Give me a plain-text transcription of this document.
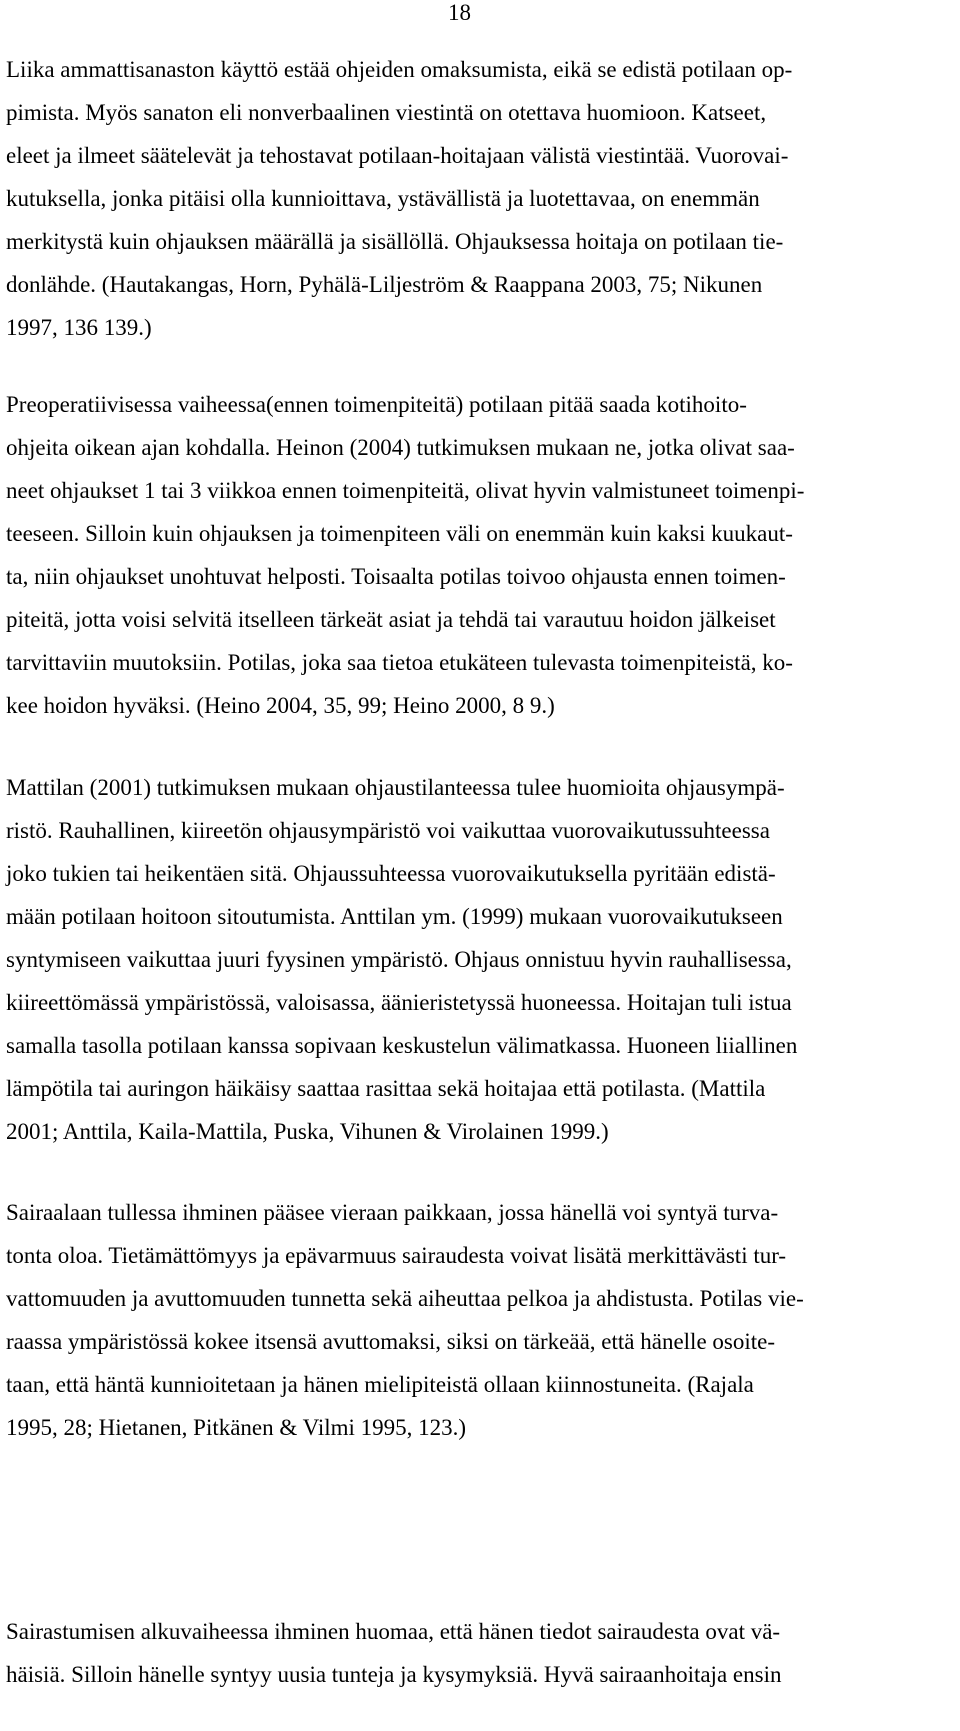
18
Liika ammattisanaston käyttö estää ohjeiden omaksumista, eikä se edistä potilaan op-
pimista. Myös sanaton eli nonverbaalinen viestintä on otettava huomioon. Katseet,
eleet ja ilmeet säätelevät ja tehostavat potilaan-hoitajaan välistä viestintää. Vuorovai-
kutuksella, jonka pitäisi olla kunnioittava, ystävällistä ja luotettavaa, on enemmän
merkitystä kuin ohjauksen määrällä ja sisällöllä. Ohjauksessa hoitaja on potilaan tie-
donlähde. (Hautakangas, Horn, Pyhälä-Liljeström & Raappana 2003, 75; Nikunen
1997, 136 139.)
Preoperatiivisessa vaiheessa(ennen toimenpiteitä) potilaan pitää saada kotihoito-
ohjeita oikean ajan kohdalla. Heinon (2004) tutkimuksen mukaan ne, jotka olivat saa-
neet ohjaukset 1 tai 3 viikkoa ennen toimenpiteitä, olivat hyvin valmistuneet toimenpi-
teeseen. Silloin kuin ohjauksen ja toimenpiteen väli on enemmän kuin kaksi kuukaut-
ta, niin ohjaukset unohtuvat helposti. Toisaalta potilas toivoo ohjausta ennen toimen-
piteitä, jotta voisi selvitä itselleen tärkeät asiat ja tehdä tai varautuu hoidon jälkeiset
tarvittaviin muutoksiin. Potilas, joka saa tietoa etukäteen tulevasta toimenpiteistä, ko-
kee hoidon hyväksi. (Heino 2004, 35, 99; Heino 2000, 8 9.)
Mattilan (2001) tutkimuksen mukaan ohjaustilanteessa tulee huomioita ohjausympä-
ristö. Rauhallinen, kiireetön ohjausympäristö voi vaikuttaa vuorovaikutussuhteessa
joko tukien tai heikentäen sitä. Ohjaussuhteessa vuorovaikutuksella pyritään edistä-
mään potilaan hoitoon sitoutumista. Anttilan ym. (1999) mukaan vuorovaikutukseen
syntymiseen vaikuttaa juuri fyysinen ympäristö. Ohjaus onnistuu hyvin rauhallisessa,
kiireettömässä ympäristössä, valoisassa, äänieristetyssä huoneessa. Hoitajan tuli istua
samalla tasolla potilaan kanssa sopivaan keskustelun välimatkassa. Huoneen liiallinen
lämpötila tai auringon häikäisy saattaa rasittaa sekä hoitajaa että potilasta. (Mattila
2001; Anttila, Kaila-Mattila, Puska, Vihunen & Virolainen 1999.)
Sairaalaan tullessa ihminen pääsee vieraan paikkaan, jossa hänellä voi syntyä turva-
tonta oloa. Tietämättömyys ja epävarmuus sairaudesta voivat lisätä merkittävästi tur-
vattomuuden ja avuttomuuden tunnetta sekä aiheuttaa pelkoa ja ahdistusta. Potilas vie-
raassa ympäristössä kokee itsensä avuttomaksi, siksi on tärkeää, että hänelle osoite-
taan, että häntä kunnioitetaan ja hänen mielipiteistä ollaan kiinnostuneita. (Rajala
1995, 28; Hietanen, Pitkänen & Vilmi 1995, 123.)
Sairastumisen alkuvaiheessa ihminen huomaa, että hänen tiedot sairaudesta ovat vä-
häisiä. Silloin hänelle syntyy uusia tunteja ja kysymyksiä. Hyvä sairaanhoitaja ensin
